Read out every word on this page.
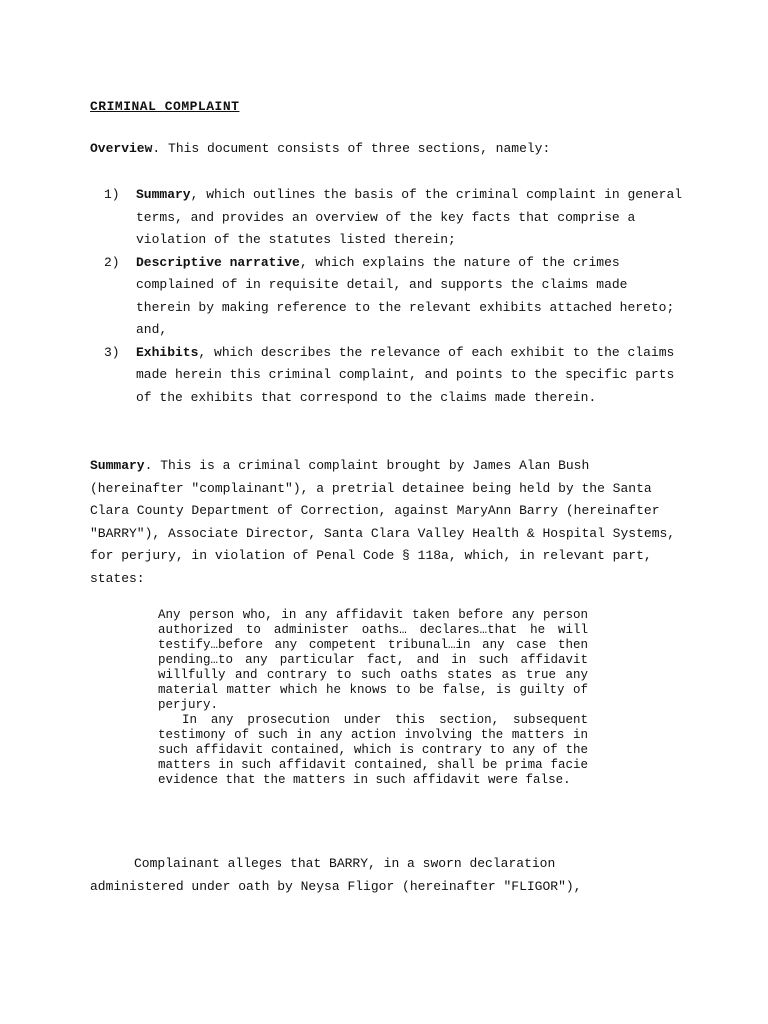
CRIMINAL COMPLAINT
Overview. This document consists of three sections, namely:
1) Summary, which outlines the basis of the criminal complaint in general terms, and provides an overview of the key facts that comprise a violation of the statutes listed therein;
2) Descriptive narrative, which explains the nature of the crimes complained of in requisite detail, and supports the claims made therein by making reference to the relevant exhibits attached hereto; and,
3) Exhibits, which describes the relevance of each exhibit to the claims made herein this criminal complaint, and points to the specific parts of the exhibits that correspond to the claims made therein.
Summary. This is a criminal complaint brought by James Alan Bush (hereinafter "complainant"), a pretrial detainee being held by the Santa Clara County Department of Correction, against MaryAnn Barry (hereinafter "BARRY"), Associate Director, Santa Clara Valley Health & Hospital Systems, for perjury, in violation of Penal Code § 118a, which, in relevant part, states:

Any person who, in any affidavit taken before any person authorized to administer oaths… declares…that he will testify…before any competent tribunal…in any case then pending…to any particular fact, and in such affidavit willfully and contrary to such oaths states as true any material matter which he knows to be false, is guilty of perjury.

In any prosecution under this section, subsequent testimony of such in any action involving the matters in such affidavit contained, which is contrary to any of the matters in such affidavit contained, shall be prima facie evidence that the matters in such affidavit were false.

Complainant alleges that BARRY, in a sworn declaration
administered under oath by Neysa Fligor (hereinafter "FLIGOR"),
